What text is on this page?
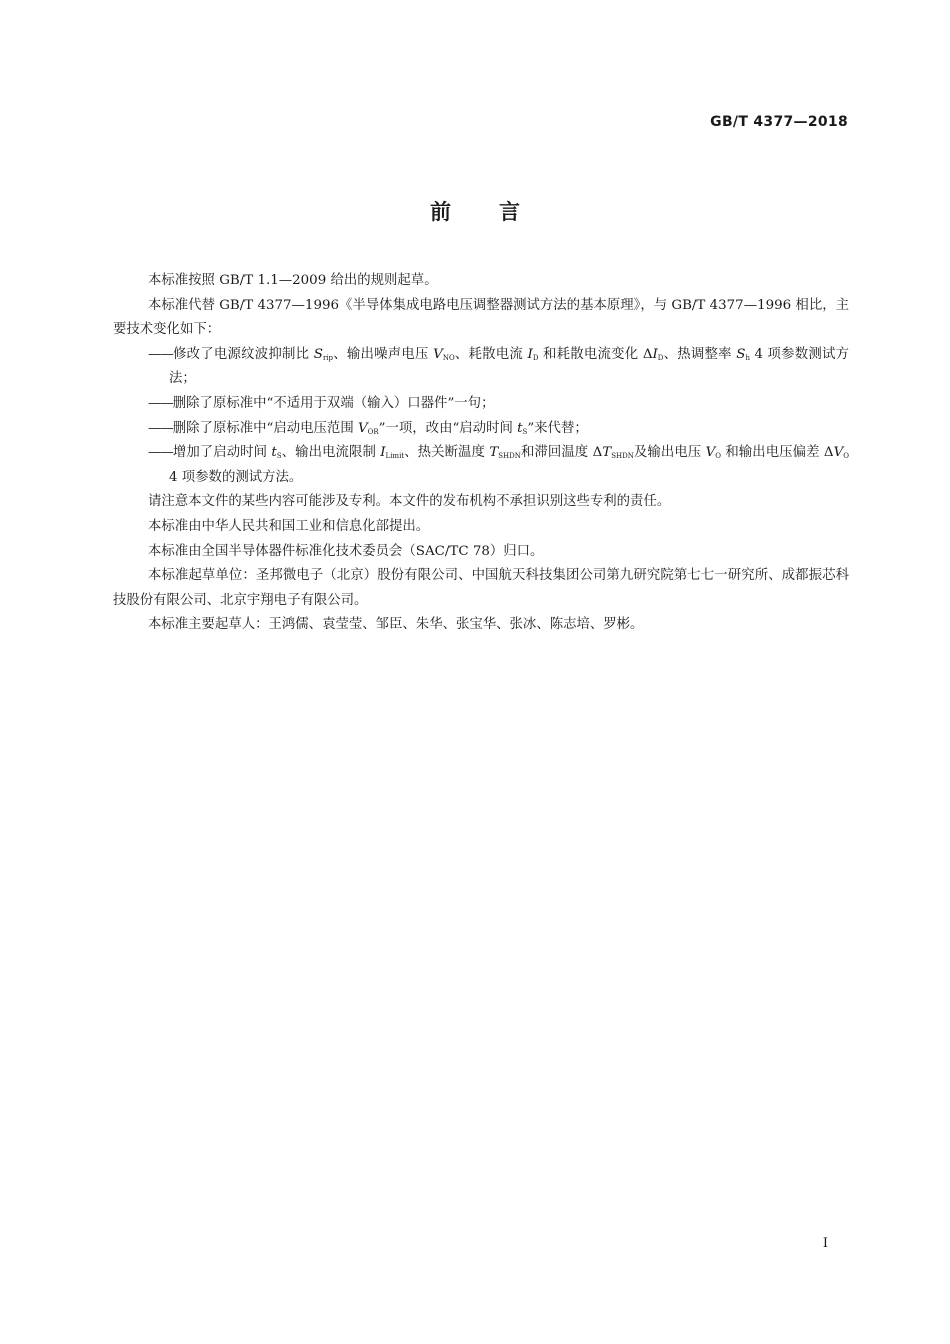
GB/T 4377—2018
前言

本标准按照 GB/T 1.1—2009 给出的规则起草。

本标准代替 GB/T 4377—1996《半导体集成电路电压调整器测试方法的基本原理》，与 GB/T 4377—1996 相比，主要技术变化如下：

——修改了电源纹波抑制比 $S_{rip}$、输出噪声电压 $V_{NO}$、耗散电流 $I_D$ 和耗散电流变化 $\Delta I_D$、热调整率 $S_h$ 4 项参数测试方法；

——删除了原标准中“不适用于双端（输入）口器件”一句；

——删除了原标准中“启动电压范围 $V_{OR}$”一项，改由“启动时间 $t_S$”来代替；

——增加了启动时间 $t_S$、输出电流限制 $I_{Limit}$、热关断温度 $T_{SHDN}$和滞回温度 $\Delta T_{SHDN}$及输出电压 $V_O$ 和输出电压偏差 $\Delta V_O$ 4 项参数的测试方法。

请注意本文件的某些内容可能涉及专利。本文件的发布机构不承担识别这些专利的责任。

本标准由中华人民共和国工业和信息化部提出。

本标准由全国半导体器件标准化技术委员会（SAC/TC 78）归口。

本标准起草单位：圣邦微电子（北京）股份有限公司、中国航天科技集团公司第九研究院第七七一研究所、成都振芯科技股份有限公司、北京宇翔电子有限公司。

本标准主要起草人：王鸿儒、袁莹莹、邹臣、朱华、张宝华、张冰、陈志培、罗彬。

I
